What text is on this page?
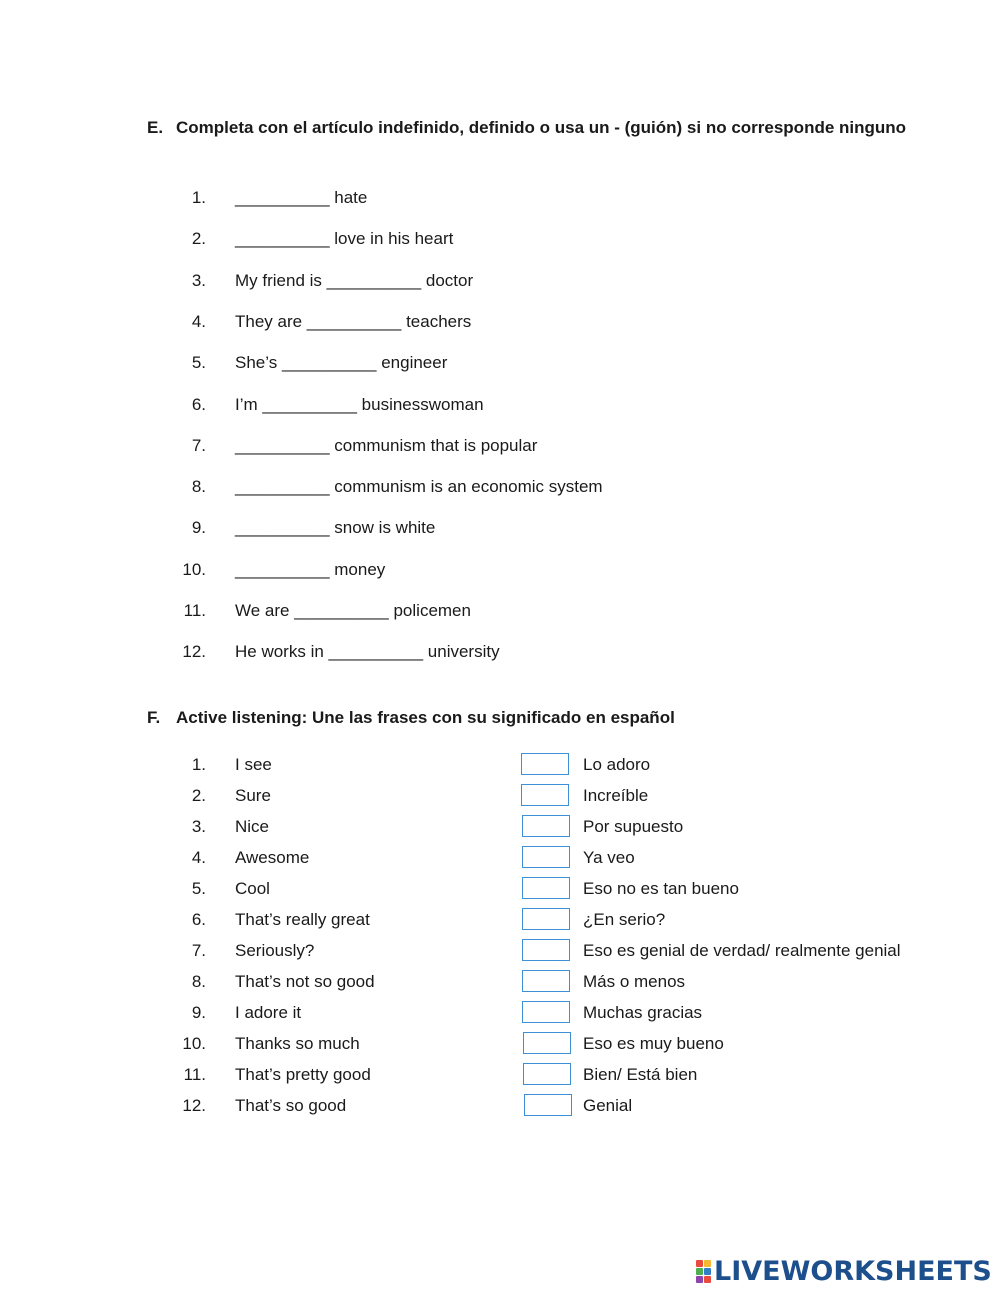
E. Completa con el artículo indefinido, definido o usa un - (guión) si no corresponde ninguno
1. __________ hate
2. __________ love in his heart
3. My friend is __________ doctor
4. They are __________ teachers
5. She’s __________ engineer
6. I’m __________ businesswoman
7. __________ communism that is popular
8. __________ communism is an economic system
9. __________ snow is white
10. __________ money
11. We are __________ policemen
12. He works in __________ university
F. Active listening: Une las frases con su significado en español
1. I see	Lo adoro
2. Sure	Increíble
3. Nice	Por supuesto
4. Awesome	Ya veo
5. Cool	Eso no es tan bueno
6. That’s really great	¿En serio?
7. Seriously?	Eso es genial de verdad/ realmente genial
8. That’s not so good	Más o menos
9. I adore it	Muchas gracias
10. Thanks so much	Eso es muy bueno
11. That’s pretty good	Bien/ Está bien
12. That’s so good	Genial
LIVEWORKSHEETS
